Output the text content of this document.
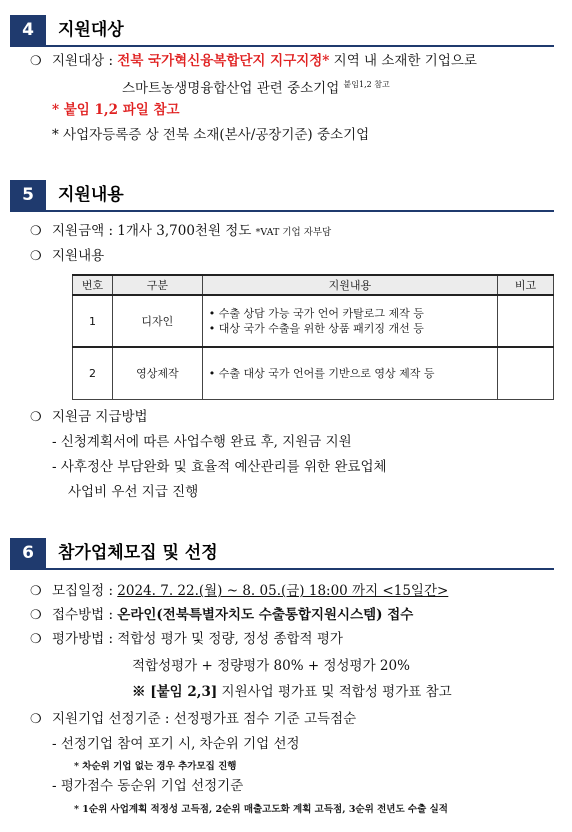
4	지원대상
❍ 지원대상 : 전북 국가혁신융복합단지 지구지정* 지역 내 소재한 기업으로
스마트농생명융합산업 관련 중소기업 $^{붙임1,2 참고}$
* 붙임 1,2 파일 참고
* 사업자등록증 상 전북 소재(본사/공장기준) 중소기업
5	지원내용
❍ 지원금액 : 1개사 3,700천원 정도 *VAT 기업 자부담
❍ 지원내용
번호	구분	지원내용	비고
1	디자인	• 수출 상담 가능 국가 언어 카탈로그 제작 등
• 대상 국가 수출을 위한 상품 패키징 개선 등	

2	영상제작	• 수출 대상 국가 언어를 기반으로 영상 제작 등	

❍ 지원금 지급방법
- 신청계획서에 따른 사업수행 완료 후, 지원금 지원
- 사후정산 부담완화 및 효율적 예산관리를 위한 완료업체
사업비 우선 지급 진행
6	참가업체모집 및 선정
❍ 모집일정 : 2024. 7. 22.(월) ~ 8. 05.(금) 18:00 까지 <15일간>
❍ 접수방법 : 온라인(전북특별자치도 수출통합지원시스템) 접수
❍ 평가방법 : 적합성 평가 및 정량, 정성 종합적 평가
적합성평가 + 정량평가 80% + 정성평가 20%
※ [붙임 2,3] 지원사업 평가표 및 적합성 평가표 참고
❍ 지원기업 선정기준 : 선정평가표 점수 기준 고득점순
- 선정기업 참여 포기 시, 차순위 기업 선정
* 차순위 기업 없는 경우 추가모집 진행
- 평가점수 동순위 기업 선정기준
* 1순위 사업계획 적정성 고득점, 2순위 매출고도화 계획 고득점, 3순위 전년도 수출 실적
